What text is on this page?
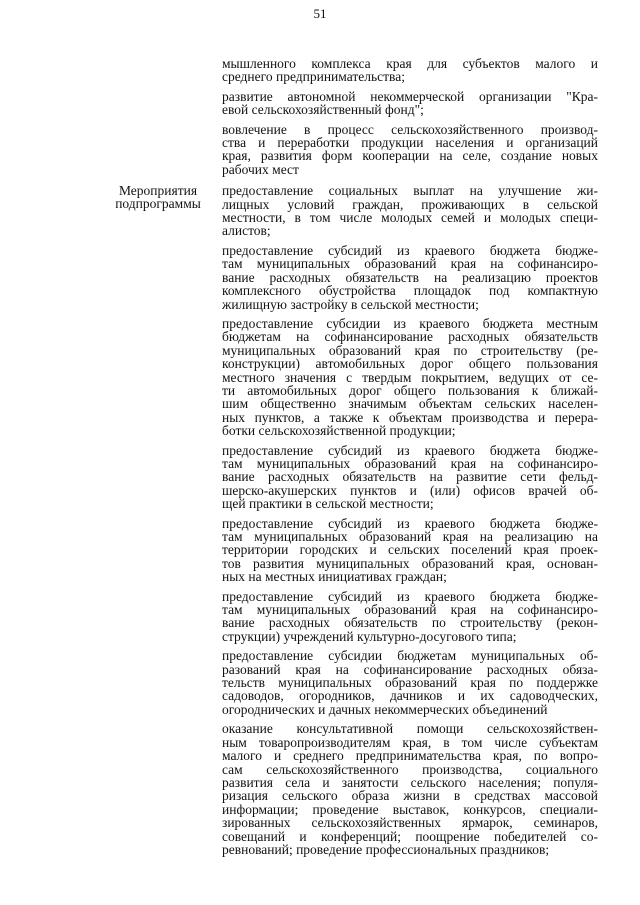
51
Мероприятия
подпрограммы
мышленного комплекса края для субъектов малого и
среднего предпринимательства;
развитие автономной некоммерческой организации "Кра-
евой сельскохозяйственный фонд";
вовлечение в процесс сельскохозяйственного производ-
ства и переработки продукции населения и организаций
края, развития форм кооперации на селе, создание новых
рабочих мест
предоставление социальных выплат на улучшение жи-
лищных условий граждан, проживающих в сельской
местности, в том числе молодых семей и молодых специ-
алистов;
предоставление субсидий из краевого бюджета бюдже-
там муниципальных образований края на софинансиро-
вание расходных обязательств на реализацию проектов
комплексного обустройства площадок под компактную
жилищную застройку в сельской местности;
предоставление субсидии из краевого бюджета местным
бюджетам на софинансирование расходных обязательств
муниципальных образований края по строительству (ре-
конструкции) автомобильных дорог общего пользования
местного значения с твердым покрытием, ведущих от се-
ти автомобильных дорог общего пользования к ближай-
шим общественно значимым объектам сельских населен-
ных пунктов, а также к объектам производства и перера-
ботки сельскохозяйственной продукции;
предоставление субсидий из краевого бюджета бюдже-
там муниципальных образований края на софинансиро-
вание расходных обязательств на развитие сети фельд-
шерско-акушерских пунктов и (или) офисов врачей об-
щей практики в сельской местности;
предоставление субсидий из краевого бюджета бюдже-
там муниципальных образований края на реализацию на
территории городских и сельских поселений края проек-
тов развития муниципальных образований края, основан-
ных на местных инициативах граждан;
предоставление субсидий из краевого бюджета бюдже-
там муниципальных образований края на софинансиро-
вание расходных обязательств по строительству (рекон-
струкции) учреждений культурно-досугового типа;
предоставление субсидии бюджетам муниципальных об-
разований края на софинансирование расходных обяза-
тельств муниципальных образований края по поддержке
садоводов, огородников, дачников и их садоводческих,
огороднических и дачных некоммерческих объединений
оказание консультативной помощи сельскохозяйствен-
ным товаропроизводителям края, в том числе субъектам
малого и среднего предпринимательства края, по вопро-
сам сельскохозяйственного производства, социального
развития села и занятости сельского населения; популя-
ризация сельского образа жизни в средствах массовой
информации; проведение выставок, конкурсов, специали-
зированных сельскохозяйственных ярмарок, семинаров,
совещаний и конференций; поощрение победителей со-
ревнований; проведение профессиональных праздников;
